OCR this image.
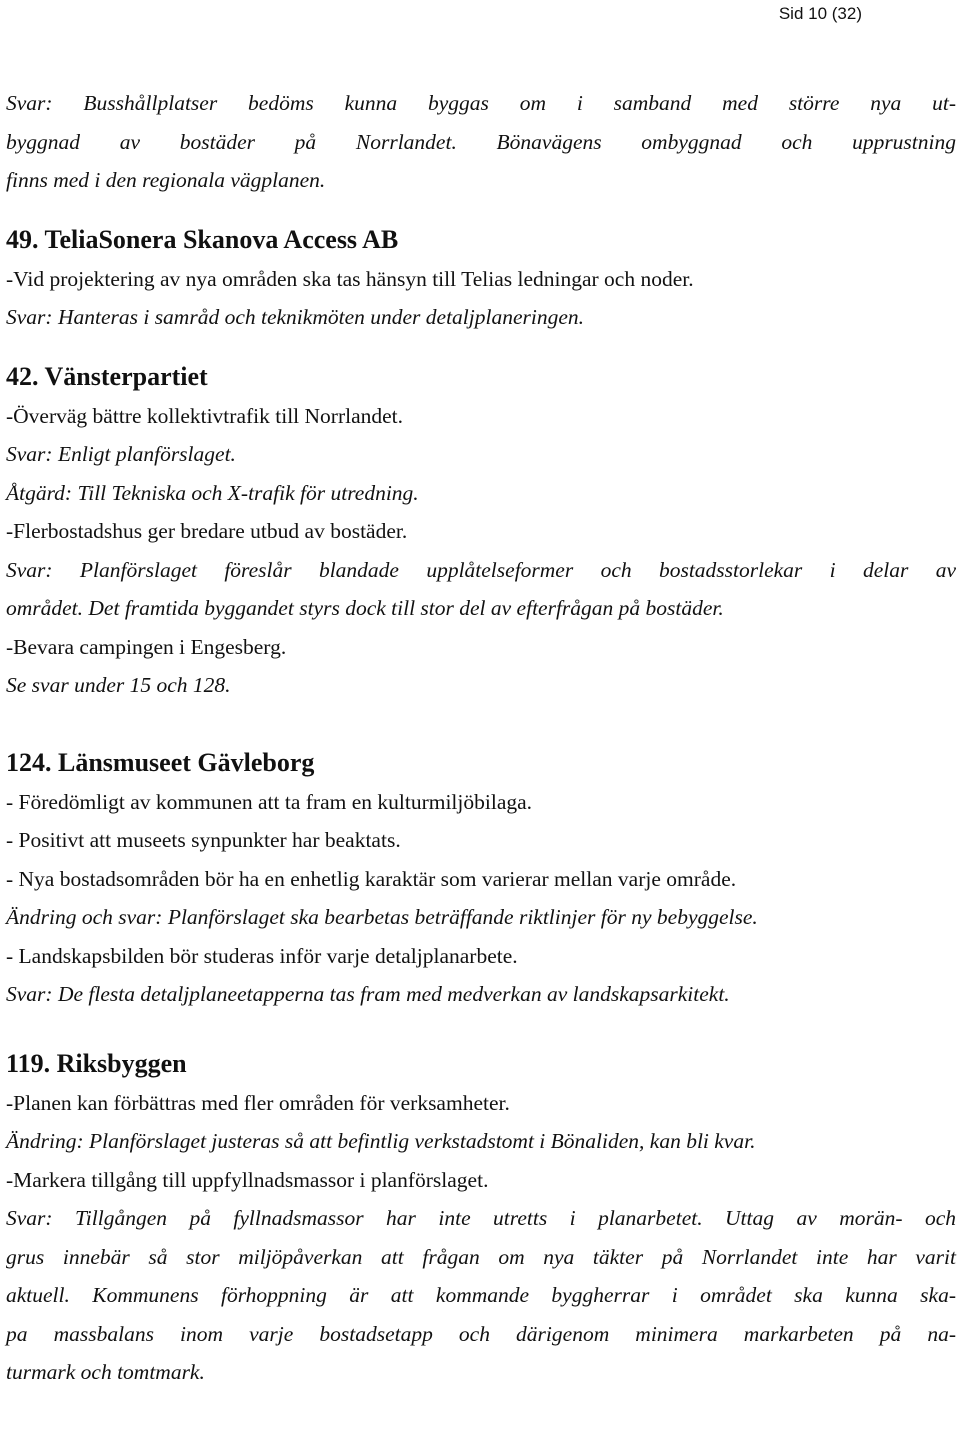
Sid 10 (32)
Svar: Busshållplatser bedöms kunna byggas om i samband med större nya ut-
byggnad av bostäder på Norrlandet. Bönavägens ombyggnad och upprustning
finns med i den regionala vägplanen.
49. TeliaSonera Skanova Access AB
-Vid projektering av nya områden ska tas hänsyn till Telias ledningar och noder.
Svar: Hanteras i samråd och teknikmöten under detaljplaneringen.
42. Vänsterpartiet
-Överväg bättre kollektivtrafik till Norrlandet.
Svar: Enligt planförslaget.
Åtgärd: Till Tekniska och X-trafik för utredning.
-Flerbostadshus ger bredare utbud av bostäder.
Svar: Planförslaget föreslår blandade upplåtelseformer och bostadsstorlekar i delar av
området. Det framtida byggandet styrs dock till stor del av efterfrågan på bostäder.
-Bevara campingen i Engesberg.
Se svar under 15 och 128.
124. Länsmuseet Gävleborg
- Föredömligt av kommunen att ta fram en kulturmiljöbilaga.
- Positivt att museets synpunkter har beaktats.
- Nya bostadsområden bör ha en enhetlig karaktär som varierar mellan varje område.
Ändring och svar: Planförslaget ska bearbetas beträffande riktlinjer för ny bebyggelse.
- Landskapsbilden bör studeras inför varje detaljplanarbete.
Svar: De flesta detaljplaneetapperna tas fram med medverkan av landskapsarkitekt.
119. Riksbyggen
-Planen kan förbättras med fler områden för verksamheter.
Ändring: Planförslaget justeras så att befintlig verkstadstomt i Bönaliden, kan bli kvar.
-Markera tillgång till uppfyllnadsmassor i planförslaget.
Svar: Tillgången på fyllnadsmassor har inte utretts i planarbetet. Uttag av morän- och
grus innebär så stor miljöpåverkan att frågan om nya täkter på Norrlandet inte har varit
aktuell. Kommunens förhoppning är att kommande byggherrar i området ska kunna ska-
pa massbalans inom varje bostadsetapp och därigenom minimera markarbeten på na-
turmark och tomtmark.
